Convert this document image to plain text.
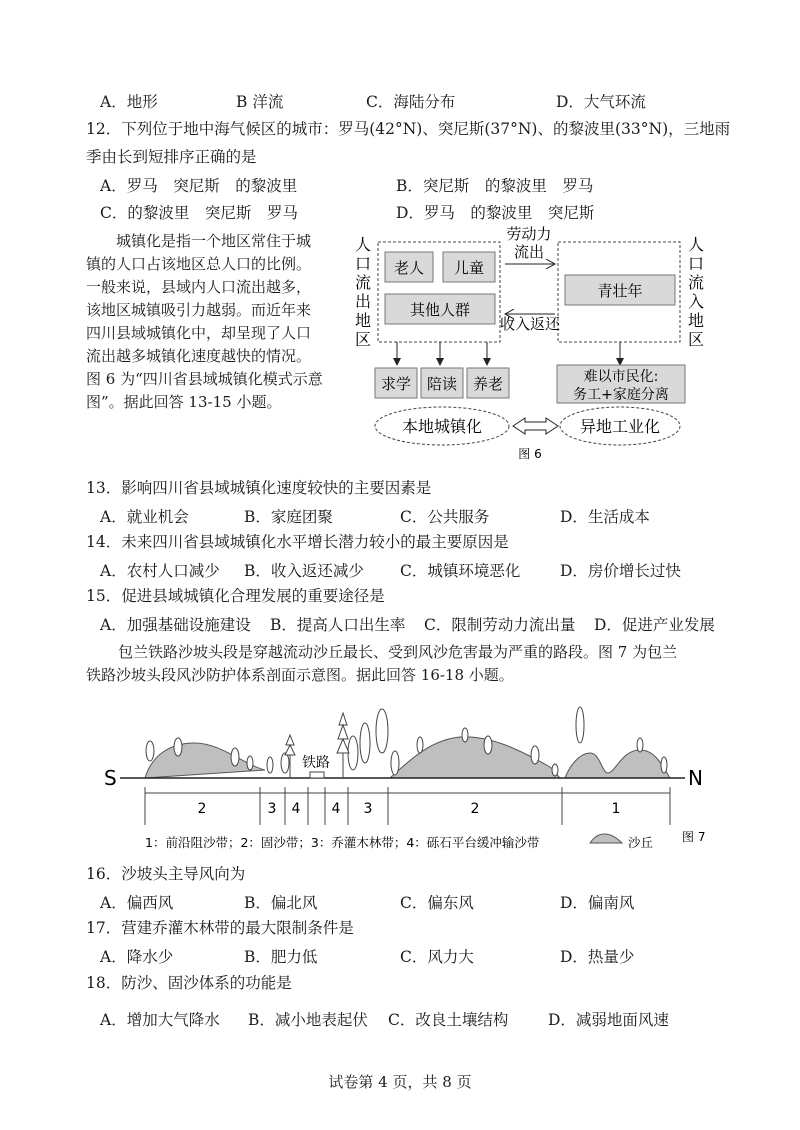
A．地形	B 洋流	C．海陆分布	D．大气环流
12．下列位于地中海气候区的城市：罗马(42°N)、突尼斯(37°N)、的黎波里(33°N)，三地雨
季由长到短排序正确的是
A．罗马　突尼斯　的黎波里	B．突尼斯　的黎波里　罗马
C．的黎波里　突尼斯　罗马	D．罗马　的黎波里　突尼斯
城镇化是指一个地区常住于城
镇的人口占该地区总人口的比例。
一般来说，县域内人口流出越多，
该地区城镇吸引力越弱。而近年来
四川县域城镇化中，却呈现了人口
流出越多城镇化速度越快的情况。
图 6 为“四川省县域城镇化模式示意
图”。据此回答 13-15 小题。
人
口
流
出
地
区
人
口
流
入
地
区
老人 儿童
其他人群
青壮年
劳动力
流出
收入返还
求学 陪读 养老	难以市民化:
务工+家庭分离
本地城镇化	异地工业化
图 6
13．影响四川省县域城镇化速度较快的主要因素是
A．就业机会	B．家庭团聚	C．公共服务	D．生活成本
14．未来四川省县域城镇化水平增长潜力较小的最主要原因是
A．农村人口减少 B．收入返还减少 C．城镇环境恶化	D．房价增长过快
15．促进县域城镇化合理发展的重要途径是
A．加强基础设施建设 B．提高人口出生率 C．限制劳动力流出量 D．促进产业发展
包兰铁路沙坡头段是穿越流动沙丘最长、受到风沙危害最为严重的路段。图 7 为包兰
铁路沙坡头段风沙防护体系剖面示意图。据此回答 16-18 小题。
S	N
铁路
2	3 4 4 3	2	1
1：前沿阻沙带；2：固沙带；3：乔灌木林带；4：砾石平台缓冲输沙带	沙丘 图 7
16．沙坡头主导风向为
A．偏西风	B．偏北风	C．偏东风	D．偏南风
17．营建乔灌木林带的最大限制条件是
A．降水少	B．肥力低	C．风力大	D．热量少
18．防沙、固沙体系的功能是
A．增加大气降水 B．减小地表起伏 C．改良土壤结构	D．减弱地面风速
试卷第 4 页，共 8 页
